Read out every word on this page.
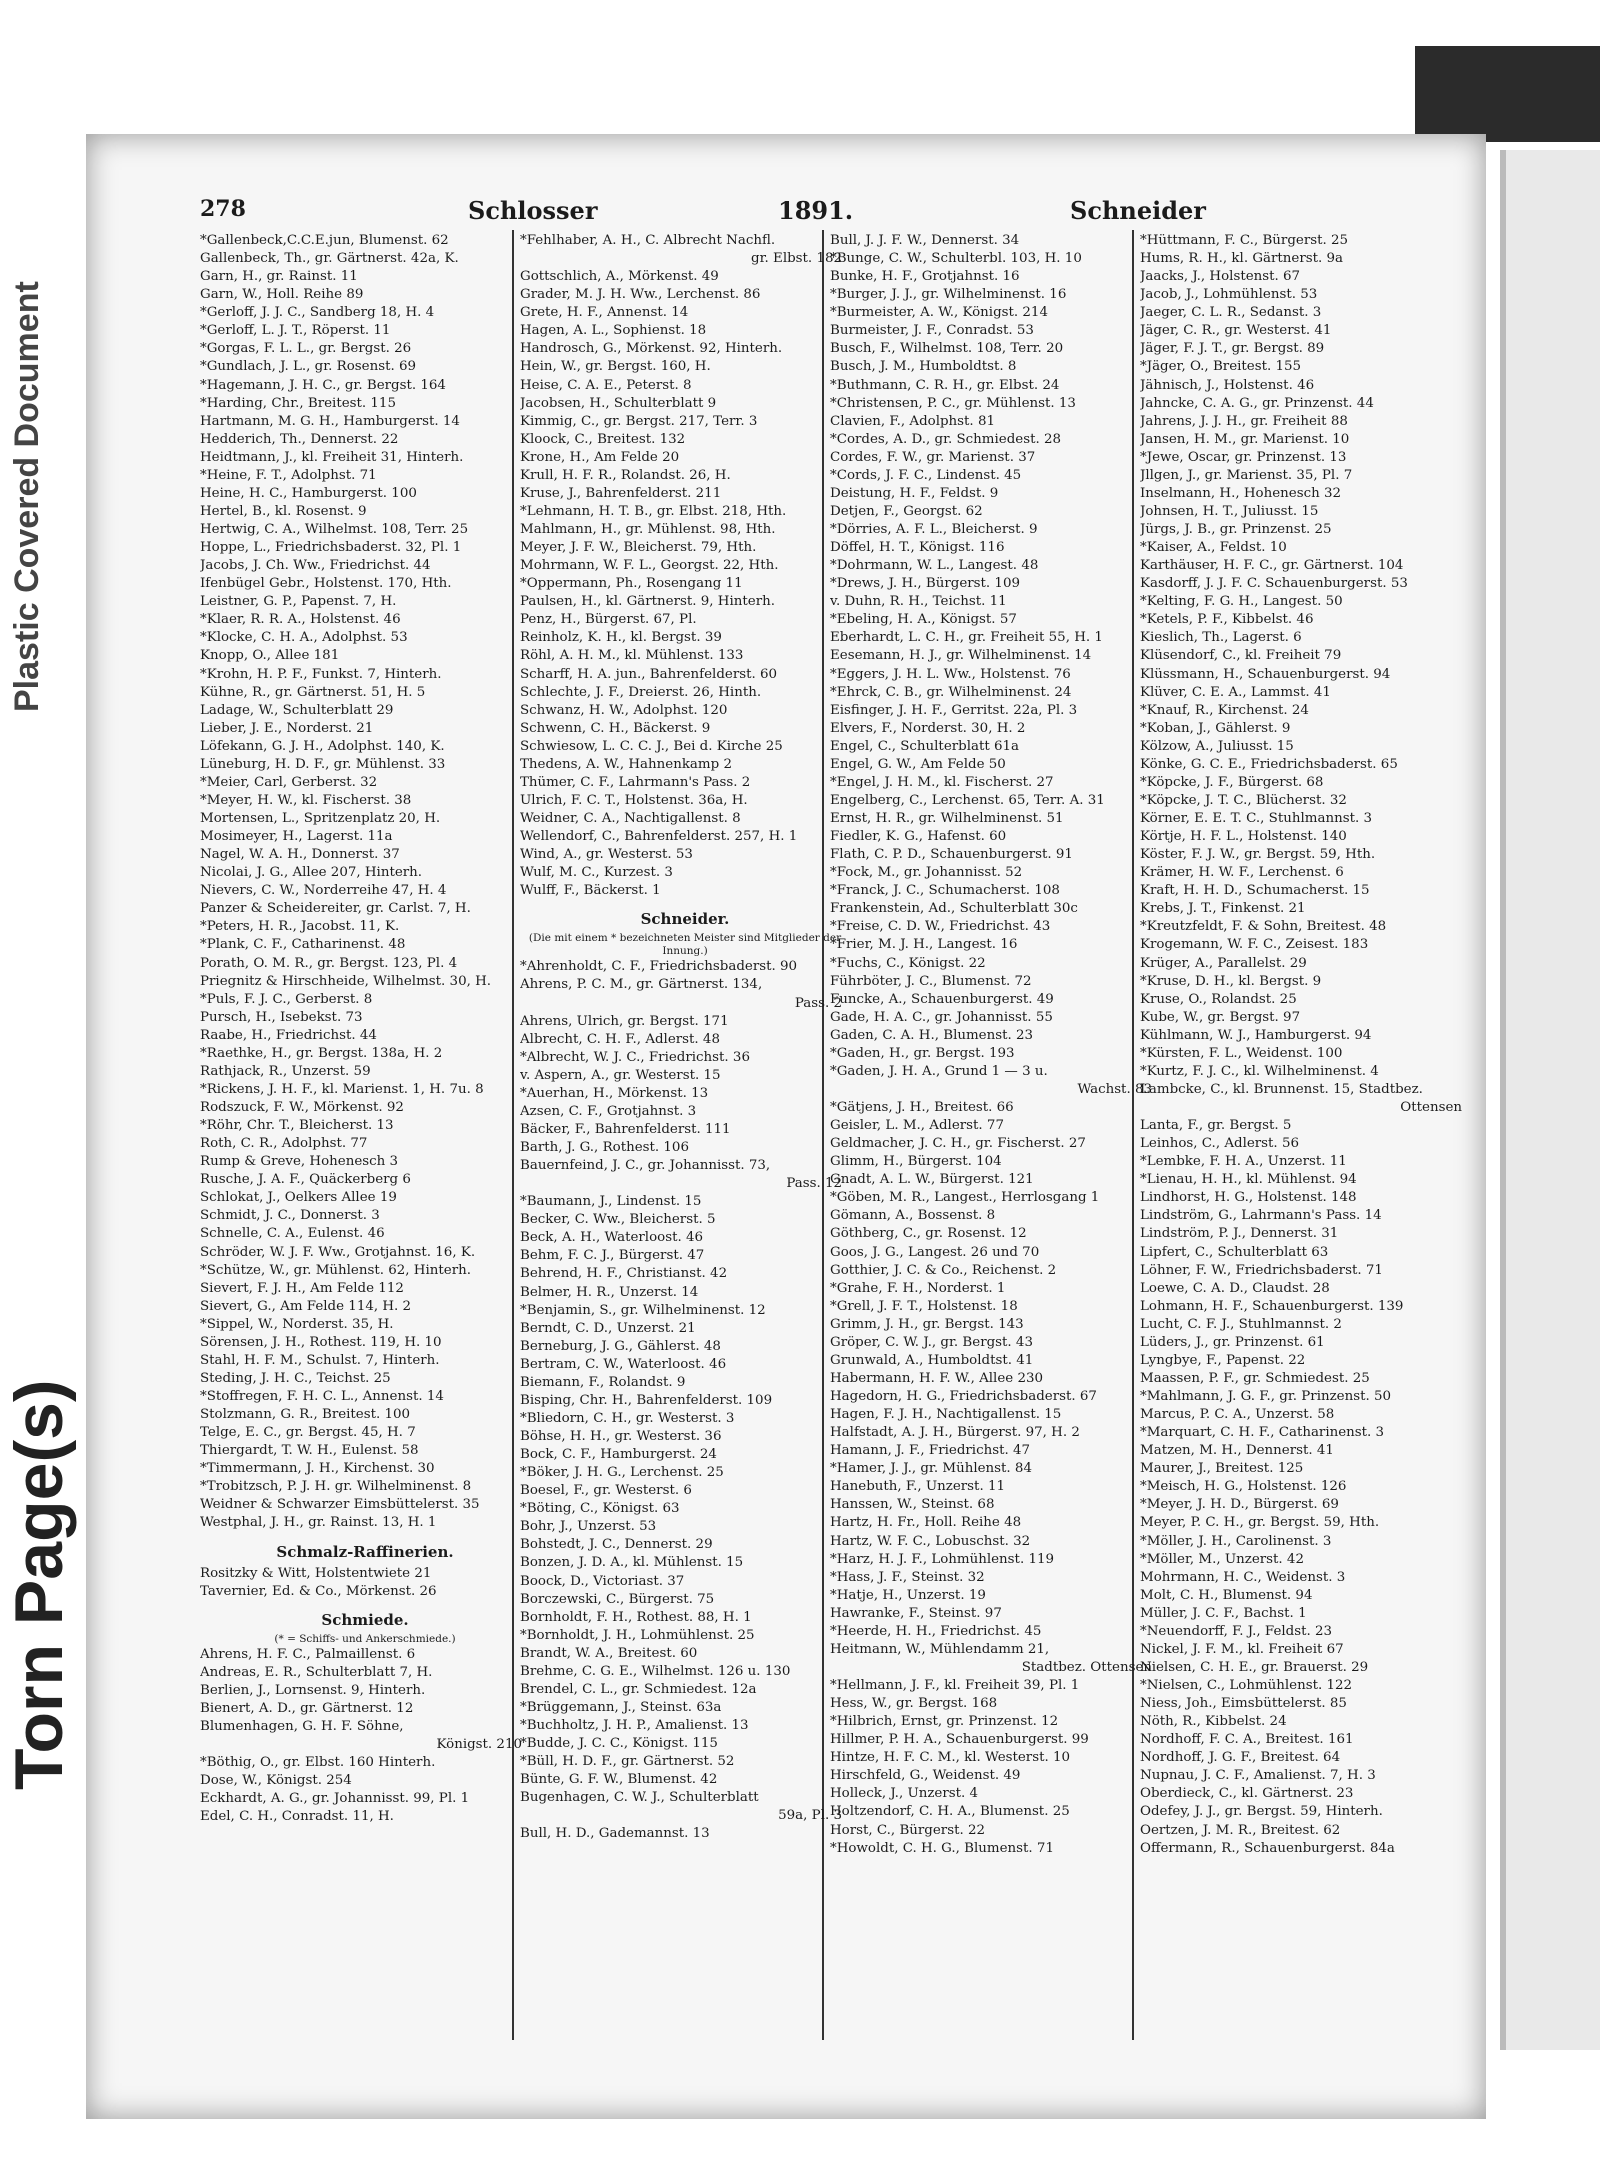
Plastic Covered Document
Torn Page(s)
278	Schlosser	1891.	Schneider
*Gallenbeck,C.C.E.jun, Blumenst. 62
Gallenbeck, Th., gr. Gärtnerst. 42a, K.
Garn, H., gr. Rainst. 11
Garn, W., Holl. Reihe 89
*Gerloff, J. J. C., Sandberg 18, H. 4
*Gerloff, L. J. T., Röperst. 11
*Gorgas, F. L. L., gr. Bergst. 26
*Gundlach, J. L., gr. Rosenst. 69
*Hagemann, J. H. C., gr. Bergst. 164
*Harding, Chr., Breitest. 115
Hartmann, M. G. H., Hamburgerst. 14
Hedderich, Th., Dennerst. 22
Heidtmann, J., kl. Freiheit 31, Hinterh.
*Heine, F. T., Adolphst. 71
Heine, H. C., Hamburgerst. 100
Hertel, B., kl. Rosenst. 9
Hertwig, C. A., Wilhelmst. 108, Terr. 25
Hoppe, L., Friedrichsbaderst. 32, Pl. 1
Jacobs, J. Ch. Ww., Friedrichst. 44
Ifenbügel Gebr., Holstenst. 170, Hth.
Leistner, G. P., Papenst. 7, H.
*Klaer, R. R. A., Holstenst. 46
*Klocke, C. H. A., Adolphst. 53
Knopp, O., Allee 181
*Krohn, H. P. F., Funkst. 7, Hinterh.
Kühne, R., gr. Gärtnerst. 51, H. 5
Ladage, W., Schulterblatt 29
Lieber, J. E., Norderst. 21
Löfekann, G. J. H., Adolphst. 140, K.
Lüneburg, H. D. F., gr. Mühlenst. 33
*Meier, Carl, Gerberst. 32
*Meyer, H. W., kl. Fischerst. 38
Mortensen, L., Spritzenplatz 20, H.
Mosimeyer, H., Lagerst. 11a
Nagel, W. A. H., Donnerst. 37
Nicolai, J. G., Allee 207, Hinterh.
Nievers, C. W., Norderreihe 47, H. 4
Panzer & Scheidereiter, gr. Carlst. 7, H.
*Peters, H. R., Jacobst. 11, K.
*Plank, C. F., Catharinenst. 48
Porath, O. M. R., gr. Bergst. 123, Pl. 4
Priegnitz & Hirschheide, Wilhelmst. 30, H.
*Puls, F. J. C., Gerberst. 8
Pursch, H., Isebekst. 73
Raabe, H., Friedrichst. 44
*Raethke, H., gr. Bergst. 138a, H. 2
Rathjack, R., Unzerst. 59
*Rickens, J. H. F., kl. Marienst. 1, H. 7u. 8
Rodszuck, F. W., Mörkenst. 92
*Röhr, Chr. T., Bleicherst. 13
Roth, C. R., Adolphst. 77
Rump & Greve, Hohenesch 3
Rusche, J. A. F., Quäckerberg 6
Schlokat, J., Oelkers Allee 19
Schmidt, J. C., Donnerst. 3
Schnelle, C. A., Eulenst. 46
Schröder, W. J. F. Ww., Grotjahnst. 16, K.
*Schütze, W., gr. Mühlenst. 62, Hinterh.
Sievert, F. J. H., Am Felde 112
Sievert, G., Am Felde 114, H. 2
*Sippel, W., Norderst. 35, H.
Sörensen, J. H., Rothest. 119, H. 10
Stahl, H. F. M., Schulst. 7, Hinterh.
Steding, J. H. C., Teichst. 25
*Stoffregen, F. H. C. L., Annenst. 14
Stolzmann, G. R., Breitest. 100
Telge, E. C., gr. Bergst. 45, H. 7
Thiergardt, T. W. H., Eulenst. 58
*Timmermann, J. H., Kirchenst. 30
*Trobitzsch, P. J. H. gr. Wilhelminenst. 8
Weidner & Schwarzer Eimsbüttelerst. 35
Westphal, J. H., gr. Rainst. 13, H. 1
Schmalz-Raffinerien.
Rositzky & Witt, Holstentwiete 21
Tavernier, Ed. & Co., Mörkenst. 26
Schmiede.
(* = Schiffs- und Ankerschmiede.)
Ahrens, H. F. C., Palmaillenst. 6
Andreas, E. R., Schulterblatt 7, H.
Berlien, J., Lornsenst. 9, Hinterh.
Bienert, A. D., gr. Gärtnerst. 12
Blumenhagen, G. H. F. Söhne,
Königst. 210
*Böthig, O., gr. Elbst. 160 Hinterh.
Dose, W., Königst. 254
Eckhardt, A. G., gr. Johannisst. 99, Pl. 1
Edel, C. H., Conradst. 11, H.
*Fehlhaber, A. H., C. Albrecht Nachfl.
gr. Elbst. 182
Gottschlich, A., Mörkenst. 49
Grader, M. J. H. Ww., Lerchenst. 86
Grete, H. F., Annenst. 14
Hagen, A. L., Sophienst. 18
Handrosch, G., Mörkenst. 92, Hinterh.
Hein, W., gr. Bergst. 160, H.
Heise, C. A. E., Peterst. 8
Jacobsen, H., Schulterblatt 9
Kimmig, C., gr. Bergst. 217, Terr. 3
Kloock, C., Breitest. 132
Krone, H., Am Felde 20
Krull, H. F. R., Rolandst. 26, H.
Kruse, J., Bahrenfelderst. 211
*Lehmann, H. T. B., gr. Elbst. 218, Hth.
Mahlmann, H., gr. Mühlenst. 98, Hth.
Meyer, J. F. W., Bleicherst. 79, Hth.
Mohrmann, W. F. L., Georgst. 22, Hth.
*Oppermann, Ph., Rosengang 11
Paulsen, H., kl. Gärtnerst. 9, Hinterh.
Penz, H., Bürgerst. 67, Pl.
Reinholz, K. H., kl. Bergst. 39
Röhl, A. H. M., kl. Mühlenst. 133
Scharff, H. A. jun., Bahrenfelderst. 60
Schlechte, J. F., Dreierst. 26, Hinth.
Schwanz, H. W., Adolphst. 120
Schwenn, C. H., Bäckerst. 9
Schwiesow, L. C. C. J., Bei d. Kirche 25
Thedens, A. W., Hahnenkamp 2
Thümer, C. F., Lahrmann's Pass. 2
Ulrich, F. C. T., Holstenst. 36a, H.
Weidner, C. A., Nachtigallenst. 8
Wellendorf, C., Bahrenfelderst. 257, H. 1
Wind, A., gr. Westerst. 53
Wulf, M. C., Kurzest. 3
Wulff, F., Bäckerst. 1
Schneider.
(Die mit einem * bezeichneten Meister sind Mitglieder der Innung.)
*Ahrenholdt, C. F., Friedrichsbaderst. 90
Ahrens, P. C. M., gr. Gärtnerst. 134,
Pass. 2
Ahrens, Ulrich, gr. Bergst. 171
Albrecht, C. H. F., Adlerst. 48
*Albrecht, W. J. C., Friedrichst. 36
v. Aspern, A., gr. Westerst. 15
*Auerhan, H., Mörkenst. 13
Azsen, C. F., Grotjahnst. 3
Bäcker, F., Bahrenfelderst. 111
Barth, J. G., Rothest. 106
Bauernfeind, J. C., gr. Johannisst. 73,
Pass. 12
*Baumann, J., Lindenst. 15
Becker, C. Ww., Bleicherst. 5
Beck, A. H., Waterloost. 46
Behm, F. C. J., Bürgerst. 47
Behrend, H. F., Christianst. 42
Belmer, H. R., Unzerst. 14
*Benjamin, S., gr. Wilhelminenst. 12
Berndt, C. D., Unzerst. 21
Berneburg, J. G., Gählerst. 48
Bertram, C. W., Waterloost. 46
Biemann, F., Rolandst. 9
Bisping, Chr. H., Bahrenfelderst. 109
*Bliedorn, C. H., gr. Westerst. 3
Böhse, H. H., gr. Westerst. 36
Bock, C. F., Hamburgerst. 24
*Böker, J. H. G., Lerchenst. 25
Boesel, F., gr. Westerst. 6
*Böting, C., Königst. 63
Bohr, J., Unzerst. 53
Bohstedt, J. C., Dennerst. 29
Bonzen, J. D. A., kl. Mühlenst. 15
Boock, D., Victoriast. 37
Borczewski, C., Bürgerst. 75
Bornholdt, F. H., Rothest. 88, H. 1
*Bornholdt, J. H., Lohmühlenst. 25
Brandt, W. A., Breitest. 60
Brehme, C. G. E., Wilhelmst. 126 u. 130
Brendel, C. L., gr. Schmiedest. 12a
*Brüggemann, J., Steinst. 63a
*Buchholtz, J. H. P., Amalienst. 13
*Budde, J. C. C., Königst. 115
*Büll, H. D. F., gr. Gärtnerst. 52
Bünte, G. F. W., Blumenst. 42
Bugenhagen, C. W. J., Schulterblatt
59a, Pl. 3
Bull, H. D., Gademannst. 13
Bull, J. J. F. W., Dennerst. 34
*Bunge, C. W., Schulterbl. 103, H. 10
Bunke, H. F., Grotjahnst. 16
*Burger, J. J., gr. Wilhelminenst. 16
*Burmeister, A. W., Königst. 214
Burmeister, J. F., Conradst. 53
Busch, F., Wilhelmst. 108, Terr. 20
Busch, J. M., Humboldtst. 8
*Buthmann, C. R. H., gr. Elbst. 24
*Christensen, P. C., gr. Mühlenst. 13
Clavien, F., Adolphst. 81
*Cordes, A. D., gr. Schmiedest. 28
Cordes, F. W., gr. Marienst. 37
*Cords, J. F. C., Lindenst. 45
Deistung, H. F., Feldst. 9
Detjen, F., Georgst. 62
*Dörries, A. F. L., Bleicherst. 9
Döffel, H. T., Königst. 116
*Dohrmann, W. L., Langest. 48
*Drews, J. H., Bürgerst. 109
v. Duhn, R. H., Teichst. 11
*Ebeling, H. A., Königst. 57
Eberhardt, L. C. H., gr. Freiheit 55, H. 1
Eesemann, H. J., gr. Wilhelminenst. 14
*Eggers, J. H. L. Ww., Holstenst. 76
*Ehrck, C. B., gr. Wilhelminenst. 24
Eisfinger, J. H. F., Gerritst. 22a, Pl. 3
Elvers, F., Norderst. 30, H. 2
Engel, C., Schulterblatt 61a
Engel, G. W., Am Felde 50
*Engel, J. H. M., kl. Fischerst. 27
Engelberg, C., Lerchenst. 65, Terr. A. 31
Ernst, H. R., gr. Wilhelminenst. 51
Fiedler, K. G., Hafenst. 60
Flath, C. P. D., Schauenburgerst. 91
*Fock, M., gr. Johannisst. 52
*Franck, J. C., Schumacherst. 108
Frankenstein, Ad., Schulterblatt 30c
*Freise, C. D. W., Friedrichst. 43
*Frier, M. J. H., Langest. 16
*Fuchs, C., Königst. 22
Führböter, J. C., Blumenst. 72
Funcke, A., Schauenburgerst. 49
Gade, H. A. C., gr. Johannisst. 55
Gaden, C. A. H., Blumenst. 23
*Gaden, H., gr. Bergst. 193
*Gaden, J. H. A., Grund 1 — 3 u.
Wachst. 83
*Gätjens, J. H., Breitest. 66
Geisler, L. M., Adlerst. 77
Geldmacher, J. C. H., gr. Fischerst. 27
Glimm, H., Bürgerst. 104
Gnadt, A. L. W., Bürgerst. 121
*Göben, M. R., Langest., Herrlosgang 1
Gömann, A., Bossenst. 8
Göthberg, C., gr. Rosenst. 12
Goos, J. G., Langest. 26 und 70
Gotthier, J. C. & Co., Reichenst. 2
*Grahe, F. H., Norderst. 1
*Grell, J. F. T., Holstenst. 18
Grimm, J. H., gr. Bergst. 143
Gröper, C. W. J., gr. Bergst. 43
Grunwald, A., Humboldtst. 41
Habermann, H. F. W., Allee 230
Hagedorn, H. G., Friedrichsbaderst. 67
Hagen, F. J. H., Nachtigallenst. 15
Halfstadt, A. J. H., Bürgerst. 97, H. 2
Hamann, J. F., Friedrichst. 47
*Hamer, J. J., gr. Mühlenst. 84
Hanebuth, F., Unzerst. 11
Hanssen, W., Steinst. 68
Hartz, H. Fr., Holl. Reihe 48
Hartz, W. F. C., Lobuschst. 32
*Harz, H. J. F., Lohmühlenst. 119
*Hass, J. F., Steinst. 32
*Hatje, H., Unzerst. 19
Hawranke, F., Steinst. 97
*Heerde, H. H., Friedrichst. 45
Heitmann, W., Mühlendamm 21,
Stadtbez. Ottensen
*Hellmann, J. F., kl. Freiheit 39, Pl. 1
Hess, W., gr. Bergst. 168
*Hilbrich, Ernst, gr. Prinzenst. 12
Hillmer, P. H. A., Schauenburgerst. 99
Hintze, H. F. C. M., kl. Westerst. 10
Hirschfeld, G., Weidenst. 49
Holleck, J., Unzerst. 4
Holtzendorf, C. H. A., Blumenst. 25
Horst, C., Bürgerst. 22
*Howoldt, C. H. G., Blumenst. 71
*Hüttmann, F. C., Bürgerst. 25
Hums, R. H., kl. Gärtnerst. 9a
Jaacks, J., Holstenst. 67
Jacob, J., Lohmühlenst. 53
Jaeger, C. L. R., Sedanst. 3
Jäger, C. R., gr. Westerst. 41
Jäger, F. J. T., gr. Bergst. 89
*Jäger, O., Breitest. 155
Jähnisch, J., Holstenst. 46
Jahncke, C. A. G., gr. Prinzenst. 44
Jahrens, J. J. H., gr. Freiheit 88
Jansen, H. M., gr. Marienst. 10
*Jewe, Oscar, gr. Prinzenst. 13
Jllgen, J., gr. Marienst. 35, Pl. 7
Inselmann, H., Hohenesch 32
Johnsen, H. T., Juliusst. 15
Jürgs, J. B., gr. Prinzenst. 25
*Kaiser, A., Feldst. 10
Karthäuser, H. F. C., gr. Gärtnerst. 104
Kasdorff, J. J. F. C. Schauenburgerst. 53
*Kelting, F. G. H., Langest. 50
*Ketels, P. F., Kibbelst. 46
Kieslich, Th., Lagerst. 6
Klüsendorf, C., kl. Freiheit 79
Klüssmann, H., Schauenburgerst. 94
Klüver, C. E. A., Lammst. 41
*Knauf, R., Kirchenst. 24
*Koban, J., Gählerst. 9
Kölzow, A., Juliusst. 15
Könke, G. C. E., Friedrichsbaderst. 65
*Köpcke, J. F., Bürgerst. 68
*Köpcke, J. T. C., Blücherst. 32
Körner, E. E. T. C., Stuhlmannst. 3
Körtje, H. F. L., Holstenst. 140
Köster, F. J. W., gr. Bergst. 59, Hth.
Krämer, H. W. F., Lerchenst. 6
Kraft, H. H. D., Schumacherst. 15
Krebs, J. T., Finkenst. 21
*Kreutzfeldt, F. & Sohn, Breitest. 48
Krogemann, W. F. C., Zeisest. 183
Krüger, A., Parallelst. 29
*Kruse, D. H., kl. Bergst. 9
Kruse, O., Rolandst. 25
Kube, W., gr. Bergst. 97
Kühlmann, W. J., Hamburgerst. 94
*Kürsten, F. L., Weidenst. 100
*Kurtz, F. J. C., kl. Wilhelminenst. 4
Lambcke, C., kl. Brunnenst. 15, Stadtbez.
Ottensen
Lanta, F., gr. Bergst. 5
Leinhos, C., Adlerst. 56
*Lembke, F. H. A., Unzerst. 11
*Lienau, H. H., kl. Mühlenst. 94
Lindhorst, H. G., Holstenst. 148
Lindström, G., Lahrmann's Pass. 14
Lindström, P. J., Dennerst. 31
Lipfert, C., Schulterblatt 63
Löhner, F. W., Friedrichsbaderst. 71
Loewe, C. A. D., Claudst. 28
Lohmann, H. F., Schauenburgerst. 139
Lucht, C. F. J., Stuhlmannst. 2
Lüders, J., gr. Prinzenst. 61
Lyngbye, F., Papenst. 22
Maassen, P. F., gr. Schmiedest. 25
*Mahlmann, J. G. F., gr. Prinzenst. 50
Marcus, P. C. A., Unzerst. 58
*Marquart, C. H. F., Catharinenst. 3
Matzen, M. H., Dennerst. 41
Maurer, J., Breitest. 125
*Meisch, H. G., Holstenst. 126
*Meyer, J. H. D., Bürgerst. 69
Meyer, P. C. H., gr. Bergst. 59, Hth.
*Möller, J. H., Carolinenst. 3
*Möller, M., Unzerst. 42
Mohrmann, H. C., Weidenst. 3
Molt, C. H., Blumenst. 94
Müller, J. C. F., Bachst. 1
*Neuendorff, F. J., Feldst. 23
Nickel, J. F. M., kl. Freiheit 67
Nielsen, C. H. E., gr. Brauerst. 29
*Nielsen, C., Lohmühlenst. 122
Niess, Joh., Eimsbüttelerst. 85
Nöth, R., Kibbelst. 24
Nordhoff, F. C. A., Breitest. 161
Nordhoff, J. G. F., Breitest. 64
Nupnau, J. C. F., Amalienst. 7, H. 3
Oberdieck, C., kl. Gärtnerst. 23
Odefey, J. J., gr. Bergst. 59, Hinterh.
Oertzen, J. M. R., Breitest. 62
Offermann, R., Schauenburgerst. 84a
